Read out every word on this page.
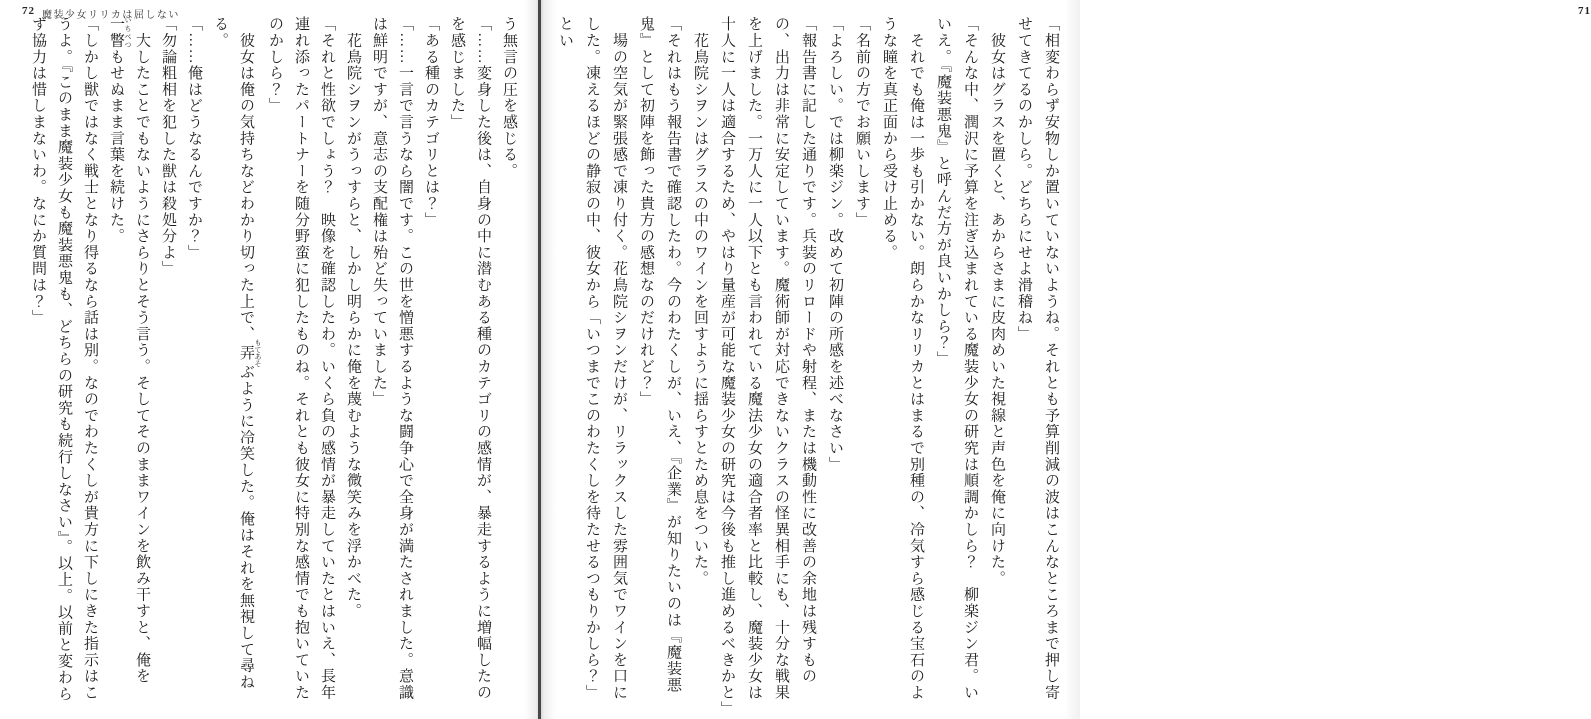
72 魔装少女リリカは屈しない

う無言の圧を感じる。

「……変身した後は、自身の中に潜むある種のカテゴリの感情が、暴走するように増幅したのを感じました」

「ある種のカテゴリとは？」

「……一言で言うなら闇です。この世を憎悪するような闘争心で全身が満たされました。意識は鮮明ですが、意志の支配権は殆ど失っていました」

　花鳥院シヲンがうっすらと、しかし明らかに俺を蔑むような微笑みを浮かべた。

「それと性欲でしょう？　映像を確認したわ。いくら負の感情が暴走していたとはいえ、長年連れ添ったパートナーを随分野蛮に犯したものね。それとも彼女に特別な感情でも抱いていたのかしら？」

　彼女は俺の気持ちなどわかり切った上で、弄 もてあそぶように冷笑した。俺はそれを無視して尋ねる。

「……俺はどうなるんですか？」

「勿論粗相を犯した獣は殺処分よ」

　大したことでもないようにさらりとそう言う。そしてそのままワインを飲み干すと、俺を一瞥 いちべつもせぬまま言葉を続けた。

「しかし獣ではなく戦士となり得るなら話は別。なのでわたくしが貴方に下しにきた指示はこうよ。『このまま魔装少女も魔装悪鬼も、どちらの研究も続行しなさい』。以上。以前と変わらず協力は惜しまないわ。なにか質問は？」

71

「相変わらず安物しか置いていないようね。それとも予算削減の波はこんなところまで押し寄せてきてるのかしら。どちらにせよ滑稽ね」

　彼女はグラスを置くと、あからさまに皮肉めいた視線と声色を俺に向けた。

「そんな中、潤沢に予算を注ぎ込まれている魔装少女の研究は順調かしら？　柳楽ジン君。いいえ。『魔装悪鬼』と呼んだ方が良いかしら？」

　それでも俺は一歩も引かない。朗らかなリリカとはまるで別種の、冷気すら感じる宝石のような瞳を真正面から受け止める。

「名前の方でお願いします」

「よろしい。では柳楽ジン。改めて初陣の所感を述べなさい」

「報告書に記した通りです。兵装のリロードや射程、または機動性に改善の余地は残すものの、出力は非常に安定しています。魔術師が対応できないクラスの怪異相手にも、十分な戦果を上げました。一万人に一人以下とも言われている魔法少女の適合者率と比較し、魔装少女は十人に一人は適合するため、やはり量産が可能な魔装少女の研究は今後も推し進めるべきかと」

　花鳥院シヲンはグラスの中のワインを回すように揺らすとため息をついた。

「それはもう報告書で確認したわ。今のわたくしが、いえ、『企業』が知りたいのは『魔装悪鬼』として初陣を飾った貴方の感想なのだけれど？」

　場の空気が緊張感で凍り付く。花鳥院シヲンだけが、リラックスした雰囲気でワインを口にした。凍えるほどの静寂の中、彼女から「いつまでこのわたくしを待たせるつもりかしら？」とい
